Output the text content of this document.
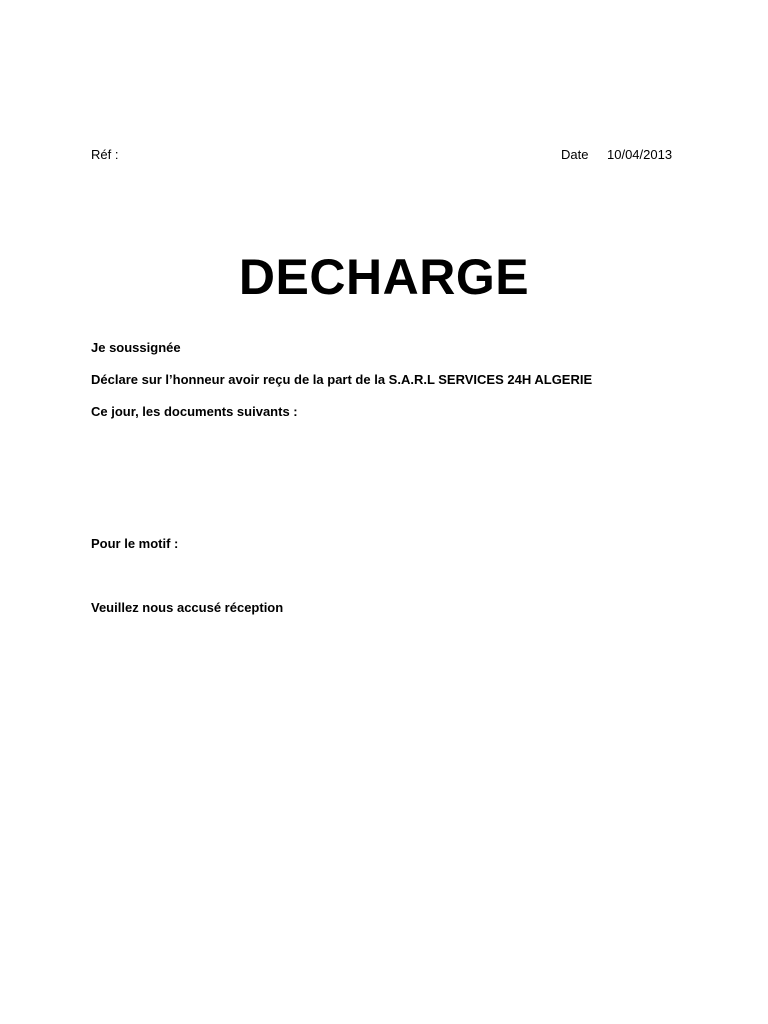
Réf :	Date 10/04/2013
DECHARGE
Je soussignée
Déclare sur l’honneur avoir reçu de la part de la S.A.R.L SERVICES 24H ALGERIE
Ce jour, les documents suivants :
Pour le motif :
Veuillez nous accusé réception
